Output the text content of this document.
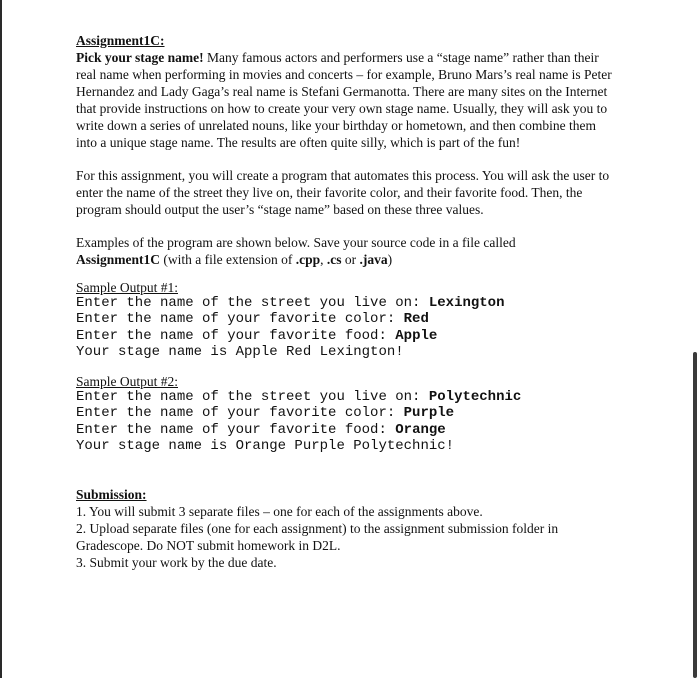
Assignment1C:

Pick your stage name! Many famous actors and performers use a “stage name” rather than their real name when performing in movies and concerts – for example, Bruno Mars’s real name is Peter Hernandez and Lady Gaga’s real name is Stefani Germanotta. There are many sites on the Internet that provide instructions on how to create your very own stage name. Usually, they will ask you to write down a series of unrelated nouns, like your birthday or hometown, and then combine them into a unique stage name. The results are often quite silly, which is part of the fun!

For this assignment, you will create a program that automates this process. You will ask the user to enter the name of the street they live on, their favorite color, and their favorite food. Then, the program should output the user’s “stage name” based on these three values.

Examples of the program are shown below. Save your source code in a file called
Assignment1C (with a file extension of .cpp, .cs or .java)

Sample Output #1:
Enter the name of the street you live on: Lexington
Enter the name of your favorite color: Red
Enter the name of your favorite food: Apple
Your stage name is Apple Red Lexington!
Sample Output #2:
Enter the name of the street you live on: Polytechnic
Enter the name of your favorite color: Purple
Enter the name of your favorite food: Orange
Your stage name is Orange Purple Polytechnic!
Submission:
1. You will submit 3 separate files – one for each of the assignments above.
2. Upload separate files (one for each assignment) to the assignment submission folder in Gradescope. Do NOT submit homework in D2L.
3. Submit your work by the due date.
